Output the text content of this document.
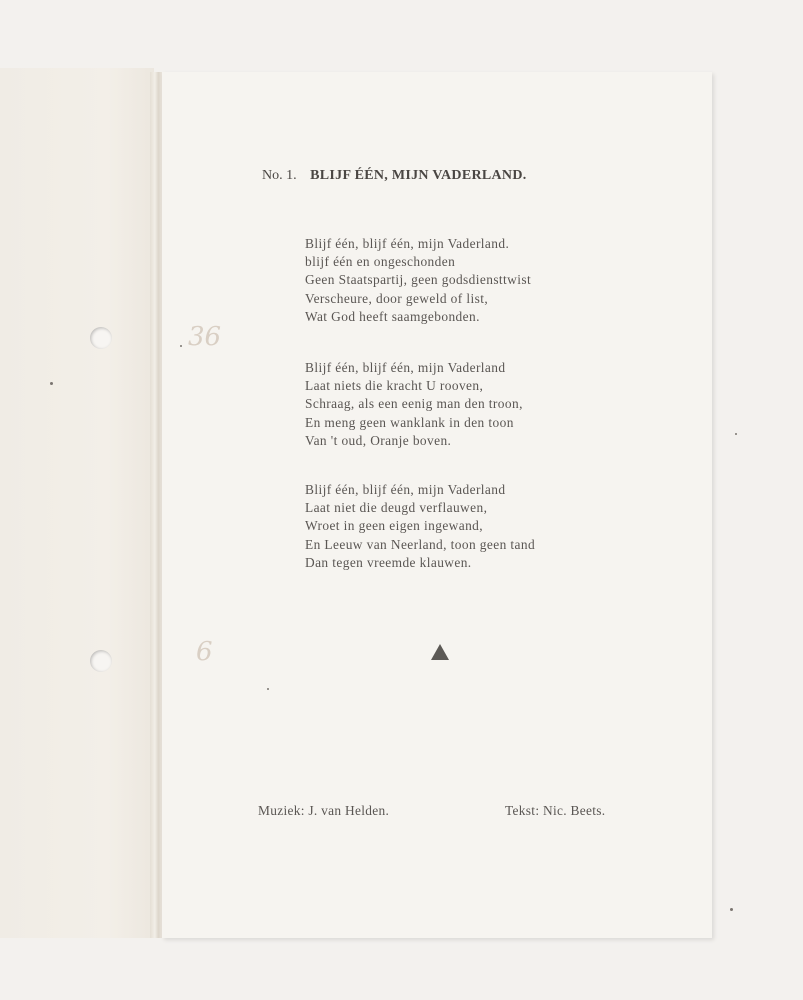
36
6
No. 1. BLIJF ÉÉN, MIJN VADERLAND.
Blijf één, blijf één, mijn Vaderland.
blijf één en ongeschonden
Geen Staatspartij, geen godsdiensttwist
Verscheure, door geweld of list,
Wat God heeft saamgebonden.
Blijf één, blijf één, mijn Vaderland
Laat niets die kracht U rooven,
Schraag, als een eenig man den troon,
En meng geen wanklank in den toon
Van 't oud, Oranje boven.
Blijf één, blijf één, mijn Vaderland
Laat niet die deugd verflauwen,
Wroet in geen eigen ingewand,
En Leeuw van Neerland, toon geen tand
Dan tegen vreemde klauwen.
Muziek: J. van Helden.	Tekst: Nic. Beets.
